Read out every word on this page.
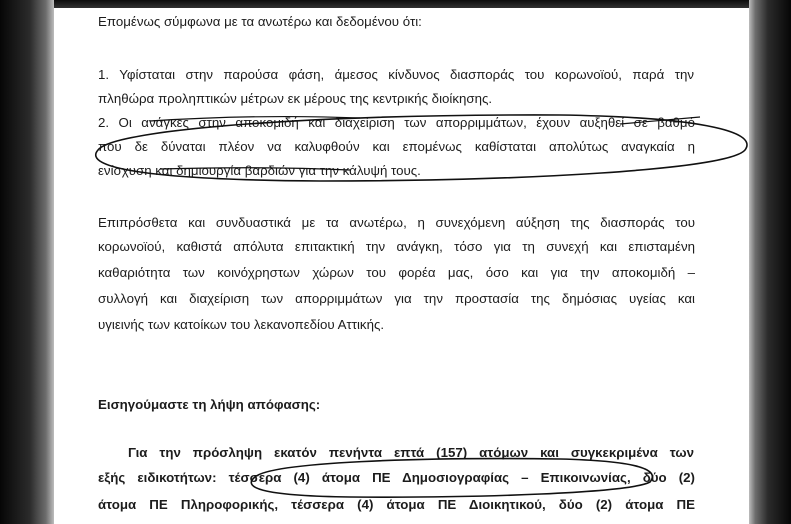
Επομένως σύμφωνα με τα ανωτέρω και δεδομένου ότι:

1. Υφίσταται στην παρούσα φάση, άμεσος κίνδυνος διασποράς του κορωνοϊού, παρά την

πληθώρα προληπτικών μέτρων εκ μέρους της κεντρικής διοίκησης.

2. Οι ανάγκες στην αποκομιδή και διαχείριση των απορριμμάτων, έχουν αυξηθεί σε βαθμό

που δε δύναται πλέον να καλυφθούν και επομένως καθίσταται απολύτως αναγκαία η

ενίσχυση και δημιουργία βαρδιών για την κάλυψή τους.

Επιπρόσθετα και συνδυαστικά με τα ανωτέρω, η συνεχόμενη αύξηση της διασποράς του

κορωνοϊού, καθιστά απόλυτα επιτακτική την ανάγκη, τόσο για τη συνεχή και επισταμένη

καθαριότητα των κοινόχρηστων χώρων του φορέα μας, όσο και για την αποκομιδή –

συλλογή και διαχείριση των απορριμμάτων για την προστασία της δημόσιας υγείας και

υγιεινής των κατοίκων του λεκανοπεδίου Αττικής.

Εισηγούμαστε τη λήψη απόφασης:

Για την πρόσληψη εκατόν πενήντα επτά (157) ατόμων και συγκεκριμένα των

εξής ειδικοτήτων: τέσσερα (4) άτομα ΠΕ Δημοσιογραφίας – Επικοινωνίας, δύο (2)

άτομα ΠΕ Πληροφορικής, τέσσερα (4) άτομα ΠΕ Διοικητικού, δύο (2) άτομα ΠΕ
